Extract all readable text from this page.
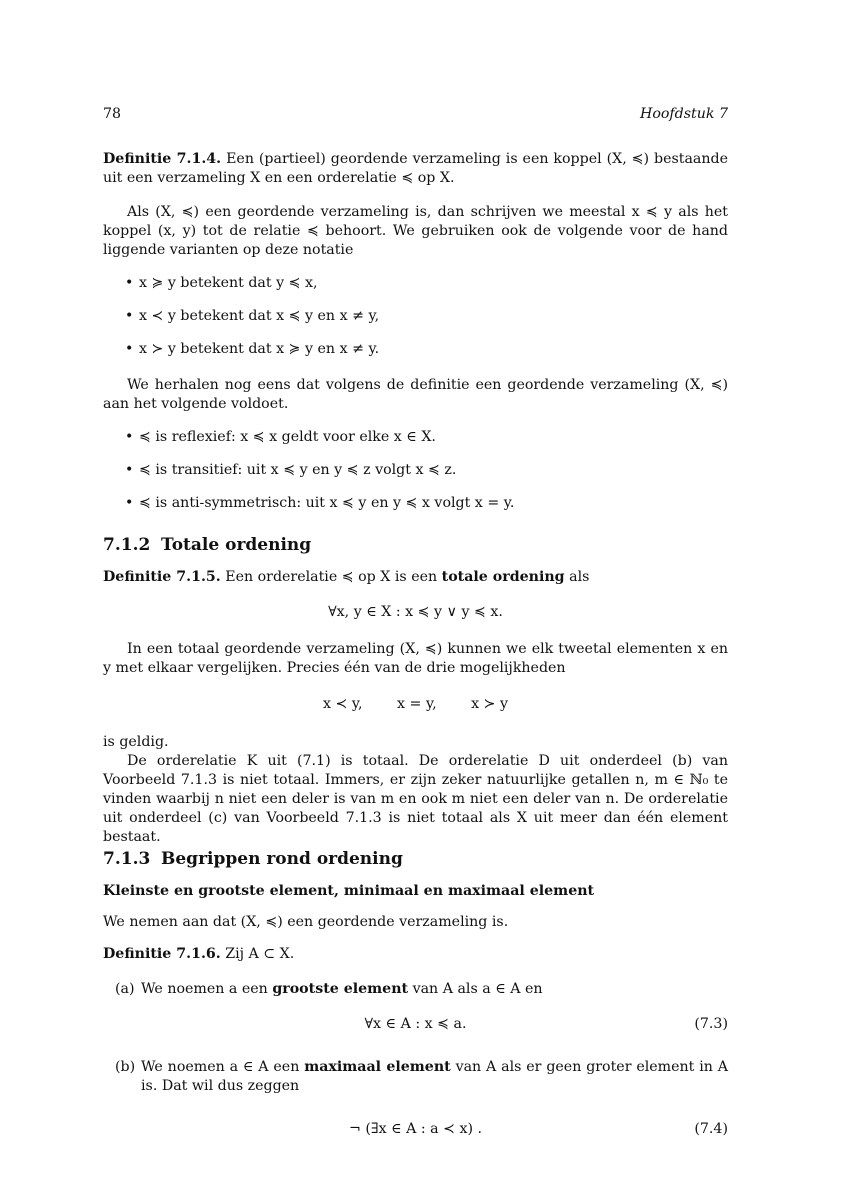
78	Hoofdstuk 7
Definitie 7.1.4. Een (partieel) geordende verzameling is een koppel (X, ≼) bestaande uit een verzameling X en een orderelatie ≼ op X.

Als (X, ≼) een geordende verzameling is, dan schrijven we meestal x ≼ y als het koppel (x, y) tot de relatie ≼ behoort. We gebruiken ook de volgende voor de hand liggende varianten op deze notatie

• x ≽ y betekent dat y ≼ x,
• x ≺ y betekent dat x ≼ y en x ≠ y,
• x ≻ y betekent dat x ≽ y en x ≠ y.

We herhalen nog eens dat volgens de definitie een geordende verzameling (X, ≼) aan het volgende voldoet.

• ≼ is reflexief: x ≼ x geldt voor elke x ∈ X.
• ≼ is transitief: uit x ≼ y en y ≼ z volgt x ≼ z.
• ≼ is anti-symmetrisch: uit x ≼ y en y ≼ x volgt x = y.
7.1.2 Totale ordening
Definitie 7.1.5. Een orderelatie ≼ op X is een totale ordening als
∀x, y ∈ X : x ≼ y ∨ y ≼ x.

In een totaal geordende verzameling (X, ≼) kunnen we elk tweetal elementen x en y met elkaar vergelijken. Precies één van de drie mogelijkheden

x ≺ y, x = y, x ≻ y

is geldig.

De orderelatie K uit (7.1) is totaal. De orderelatie D uit onderdeel (b) van Voorbeeld 7.1.3 is niet totaal. Immers, er zijn zeker natuurlijke getallen n, m ∈ ℕ₀ te vinden waarbij n niet een deler is van m en ook m niet een deler van n. De orderelatie uit onderdeel (c) van Voorbeeld 7.1.3 is niet totaal als X uit meer dan één element bestaat.

7.1.3 Begrippen rond ordening
Kleinste en grootste element, minimaal en maximaal element

We nemen aan dat (X, ≼) een geordende verzameling is.

Definitie 7.1.6. Zij A ⊂ X.
(a) We noemen a een grootste element van A als a ∈ A en
∀x ∈ A : x ≼ a.	(7.3)
(b) We noemen a ∈ A een maximaal element van A als er geen groter element in A is. Dat wil dus zeggen
¬ (∃x ∈ A : a ≺ x) .	(7.4)
